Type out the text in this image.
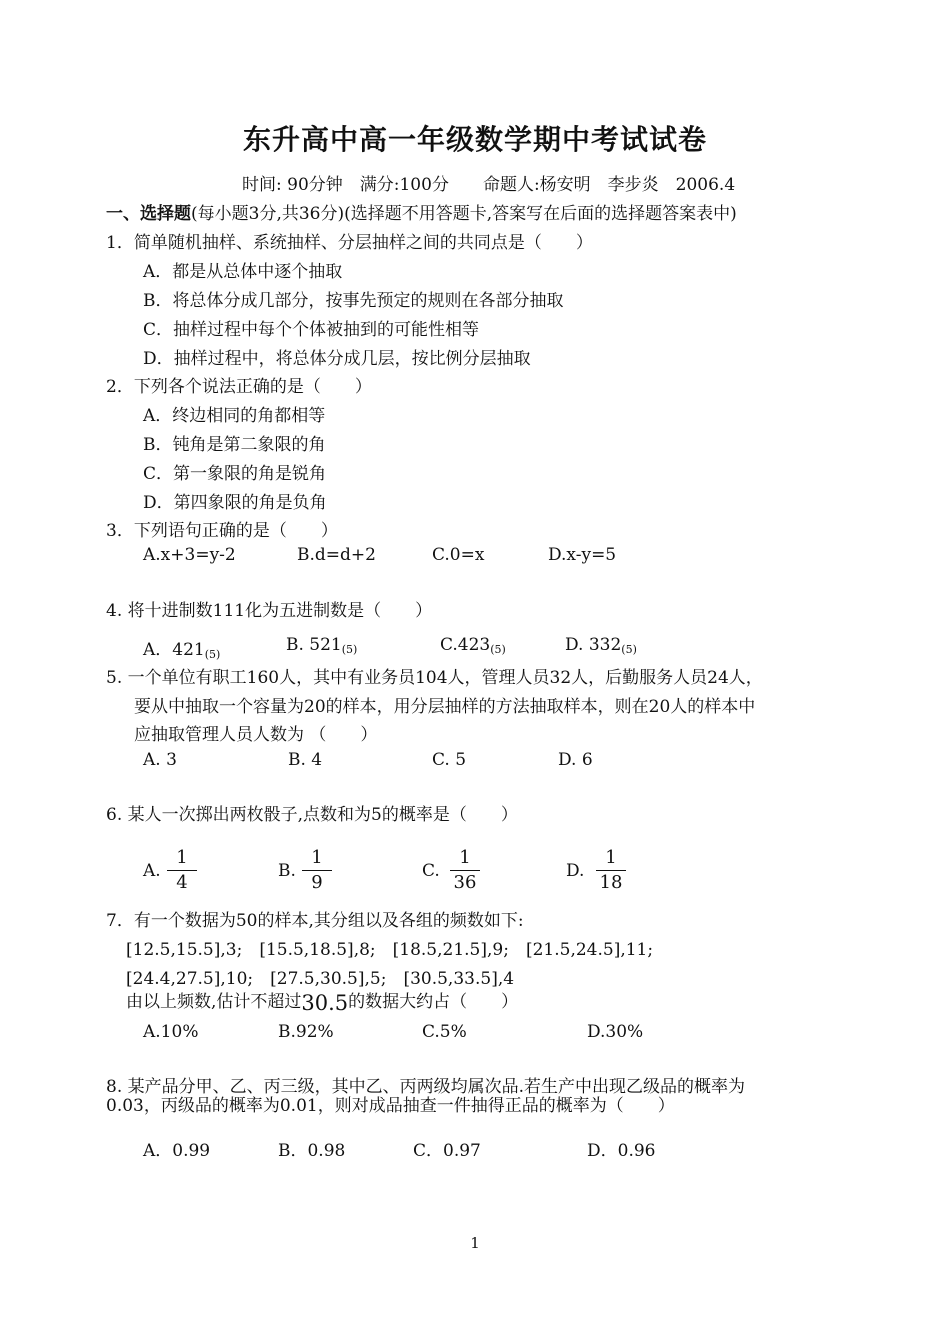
东升高中高一年级数学期中考试试卷
时间: 90分钟　满分:100分　　命题人:杨安明　李步炎　2006.4
一、选择题(每小题3分,共36分)(选择题不用答题卡,答案写在后面的选择题答案表中)
1．简单随机抽样、系统抽样、分层抽样之间的共同点是（　　）
A．都是从总体中逐个抽取
B．将总体分成几部分，按事先预定的规则在各部分抽取
C．抽样过程中每个个体被抽到的可能性相等
D．抽样过程中，将总体分成几层，按比例分层抽取
2．下列各个说法正确的是（　　）
A．终边相同的角都相等
B．钝角是第二象限的角
C．第一象限的角是锐角
D．第四象限的角是负角
3．下列语句正确的是（　　）
A.x+3=y-2	B.d=d+2	C.0=x	D.x-y=5
4. 将十进制数111化为五进制数是（　　）
A．$421_{(5)}$	B. $521_{(5)}$	$C.423_{(5)}$	D. $332_{(5)}$
5. 一个单位有职工160人，其中有业务员104人，管理人员32人，后勤服务人员24人，
要从中抽取一个容量为20的样本，用分层抽样的方法抽取样本，则在20人的样本中
应抽取管理人员人数为 （　　）
A. 3	B. 4	C. 5	D. 6
6. 某人一次掷出两枚骰子,点数和为5的概率是（　　）
A.
1
4
B.
1
9
C.
1
36
D.
1
18
7．有一个数据为50的样本,其分组以及各组的频数如下:
[12.5,15.5],3;　[15.5,18.5],8;　[18.5,21.5],9;　[21.5,24.5],11;
[24.4,27.5],10;　[27.5,30.5],5;　[30.5,33.5],4
由以上频数,估计不超过30.5的数据大约占（　　）
A.10%	B.92%	C.5%	D.30%
8. 某产品分甲、乙、丙三级，其中乙、丙两级均属次品.若生产中出现乙级品的概率为
0.03，丙级品的概率为0.01，则对成品抽查一件抽得正品的概率为（　　）
A．0.99	B．0.98	C．0.97	D．0.96
1
